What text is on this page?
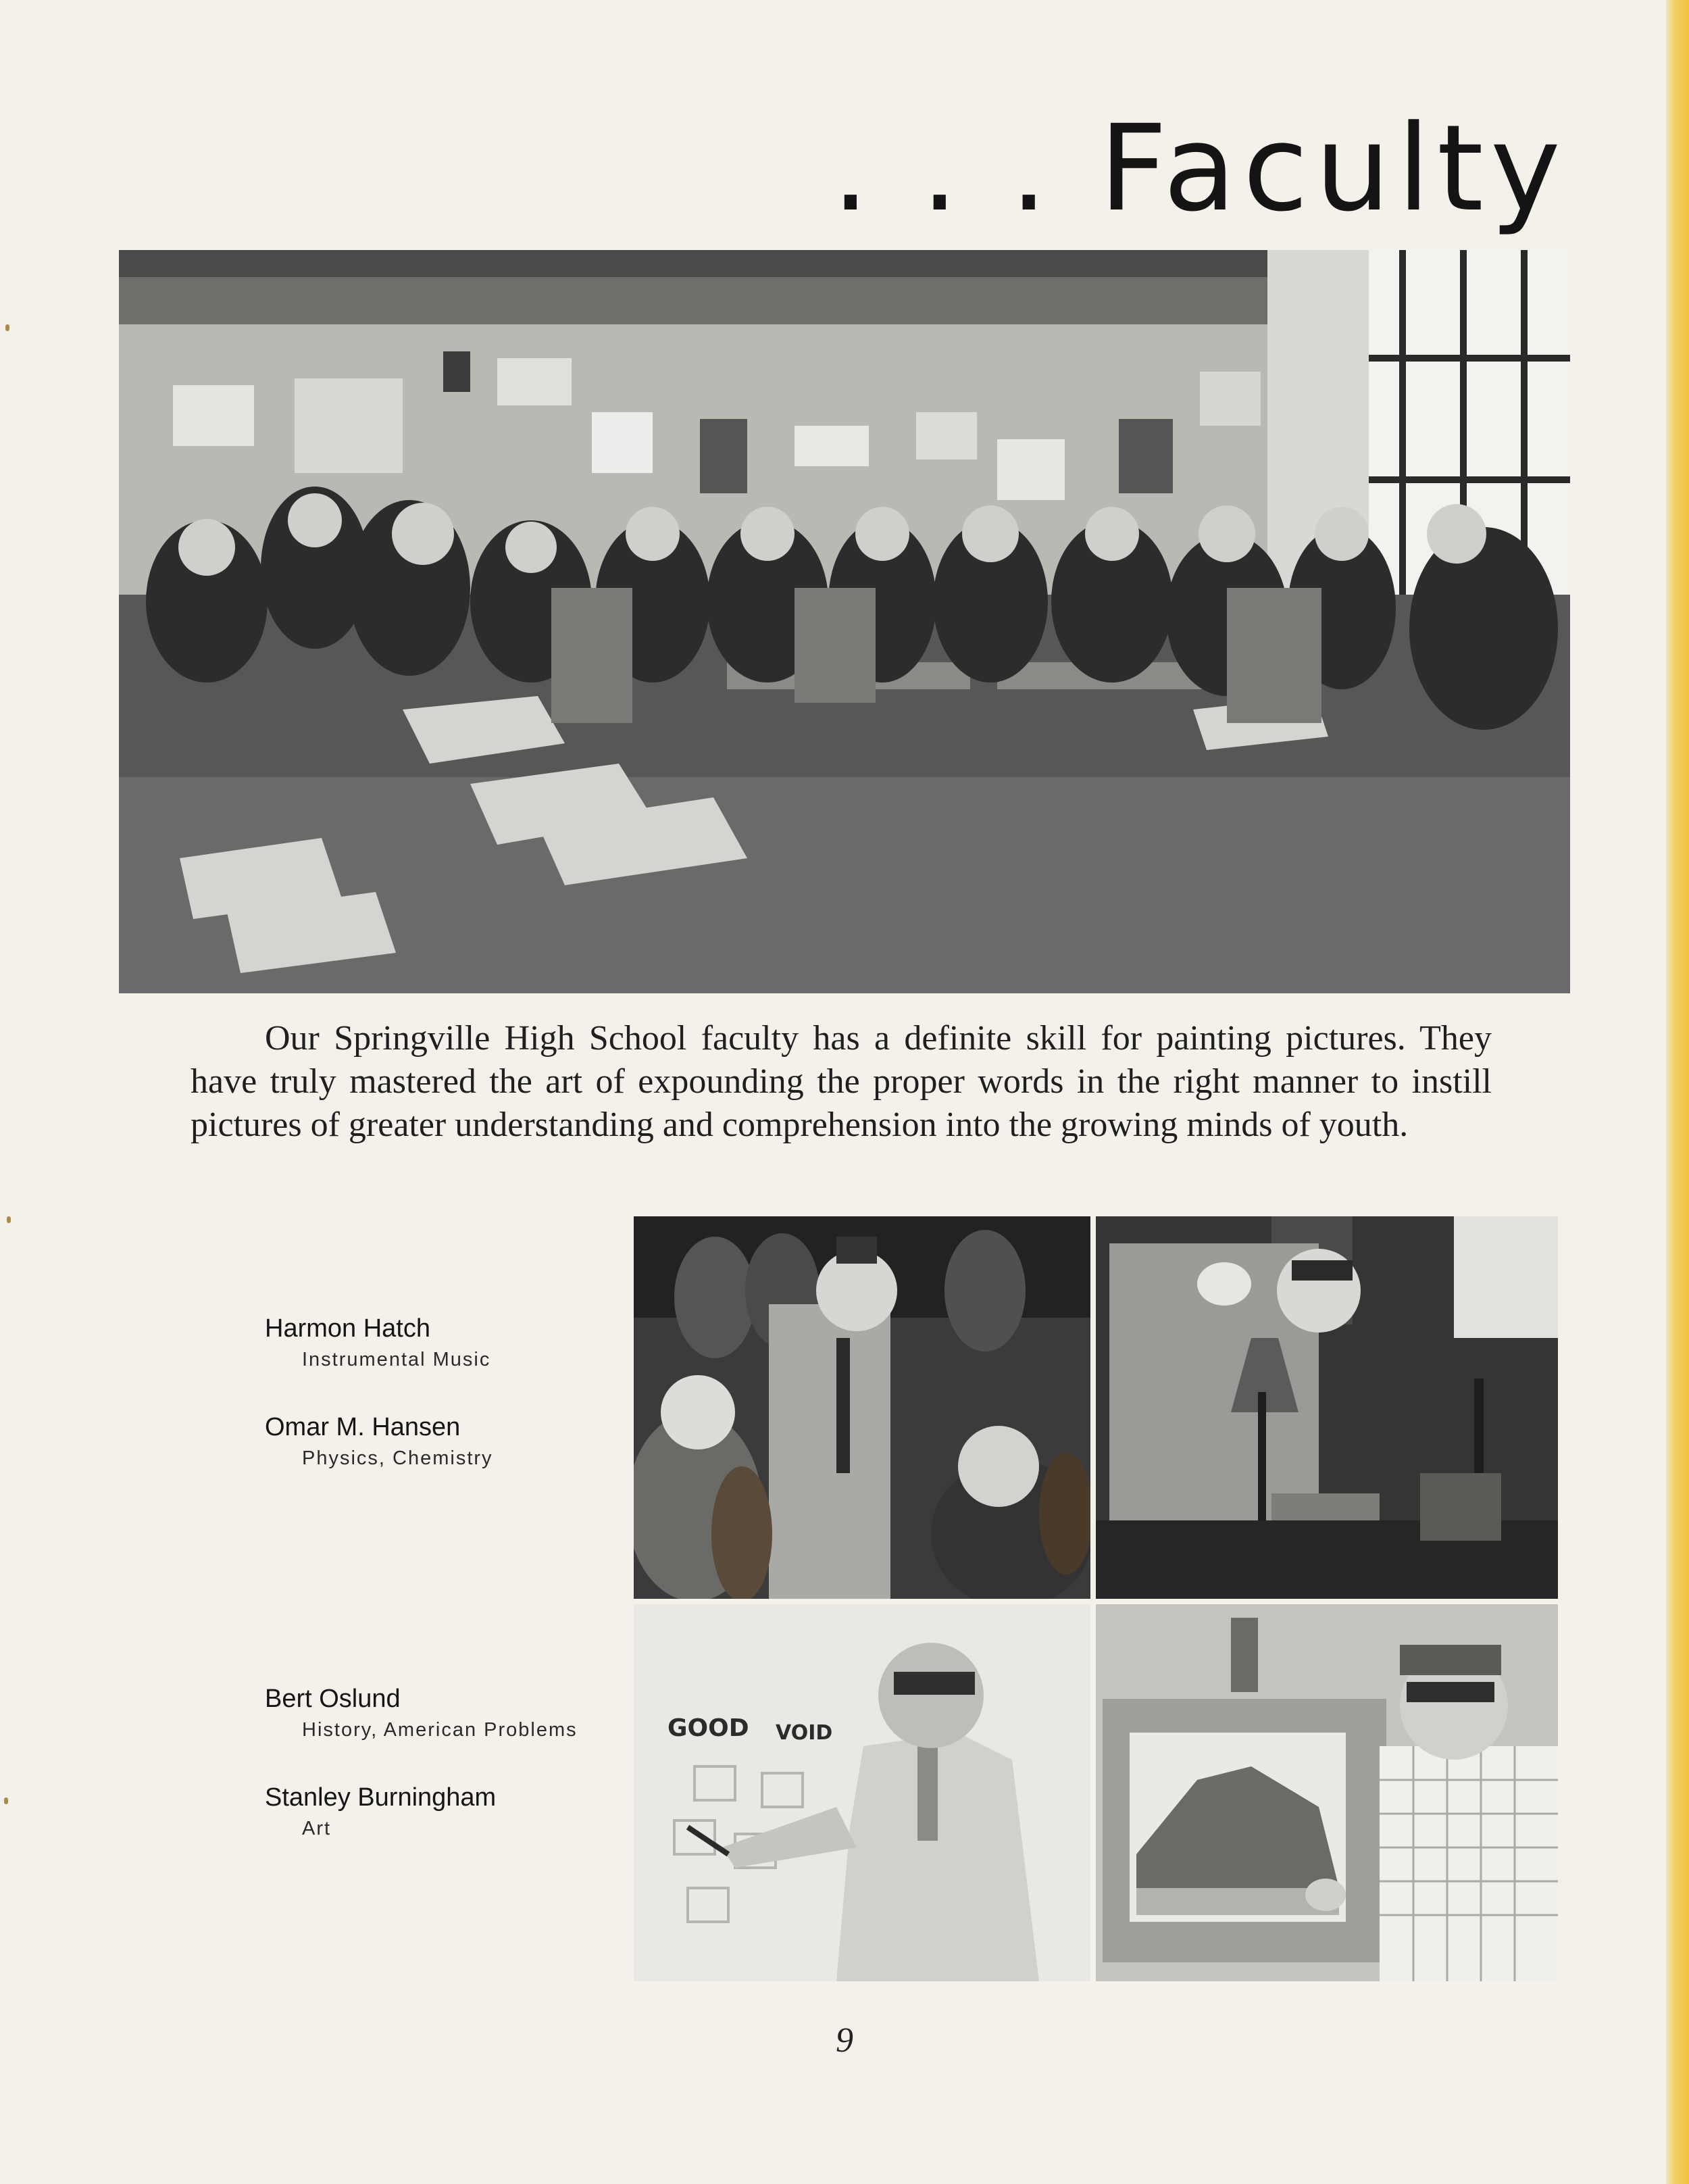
. . . Faculty

Our Springville High School faculty has a definite skill for painting pictures. They have truly mastered the art of expounding the proper words in the right manner to instill pictures of greater understanding and comprehension into the growing minds of youth.

GOOD VOID

Harmon Hatch

Instrumental Music

Omar M. Hansen

Physics, Chemistry

Bert Oslund

History, American Problems

Stanley Burningham

Art

9
